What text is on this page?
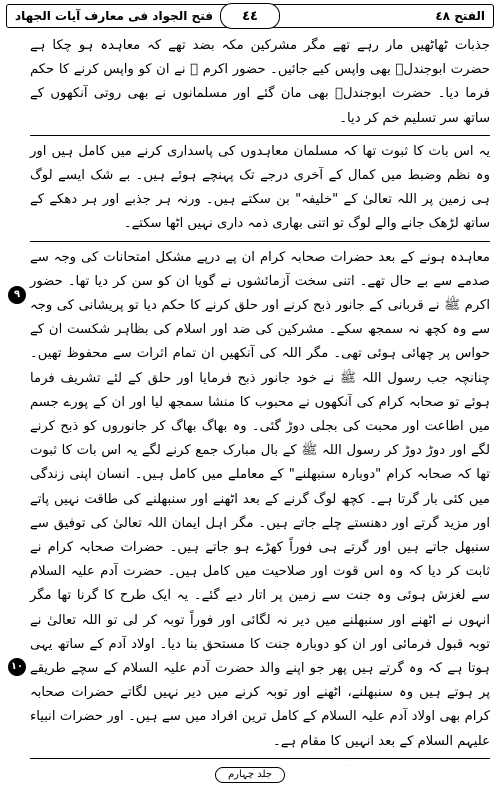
الفتح ٤٨
فتح الجواد فی معارف آیات الجهاد	٤٤
٩
١٠

جذبات ٹھاٹھیں مار رہے تھے مگر مشرکین مکہ بضد تھے کہ معاہدہ ہو چکا ہے حضرت ابوجندلؓ بھی واپس کیے جائیں۔ حضور اکرم ﷺ نے ان کو واپس کرنے کا حکم فرما دیا۔ حضرت ابوجندلؓ بھی مان گئے اور مسلمانوں نے بھی روتی آنکھوں کے ساتھ سر تسلیم خم کر دیا۔

یہ اس بات کا ثبوت تھا کہ مسلمان معاہدوں کی پاسداری کرنے میں کامل ہیں اور وہ نظم وضبط میں کمال کے آخری درجے تک پہنچے ہوئے ہیں۔ بے شک ایسے لوگ ہی زمین پر اللہ تعالیٰ کے "خلیفہ" بن سکتے ہیں۔ ورنہ ہر جذبے اور ہر دھکے کے ساتھ لڑھک جانے والے لوگ تو اتنی بھاری ذمہ داری نہیں اٹھا سکتے۔

معاہدہ ہونے کے بعد حضرات صحابہ کرام ان پے درپے مشکل امتحانات کی وجہ سے صدمے سے بے حال تھے۔ اتنی سخت آزمائشوں نے گویا ان کو سن کر دیا تھا۔ حضور اکرم ﷺ نے قربانی کے جانور ذبح کرنے اور حلق کرنے کا حکم دیا تو پریشانی کی وجہ سے وہ کچھ نہ سمجھ سکے۔ مشرکین کی ضد اور اسلام کی بظاہر شکست ان کے حواس پر چھائی ہوئی تھی۔ مگر اللہ کی آنکھیں ان تمام اثرات سے محفوظ تھیں۔ چنانچہ جب رسول اللہ ﷺ نے خود جانور ذبح فرمایا اور حلق کے لئے تشریف فرما ہوئے تو صحابہ کرام کی آنکھوں نے محبوب کا منشا سمجھ لیا اور ان کے پورے جسم میں اطاعت اور محبت کی بجلی دوڑ گئی۔ وہ بھاگ بھاگ کر جانوروں کو ذبح کرنے لگے اور دوڑ دوڑ کر رسول اللہ ﷺ کے بال مبارک جمع کرنے لگے یہ اس بات کا ثبوت تھا کہ صحابہ کرام "دوبارہ سنبھلنے" کے معاملے میں کامل ہیں۔ انسان اپنی زندگی میں کئی بار گرتا ہے۔ کچھ لوگ گرنے کے بعد اٹھنے اور سنبھلنے کی طاقت نہیں پاتے اور مزید گرتے اور دھنستے چلے جاتے ہیں۔ مگر اہل ایمان اللہ تعالیٰ کی توفیق سے سنبھل جاتے ہیں اور گرتے ہی فوراً کھڑے ہو جاتے ہیں۔ حضرات صحابہ کرام نے ثابت کر دیا کہ وہ اس قوت اور صلاحیت میں کامل ہیں۔ حضرت آدم علیہ السلام سے لغزش ہوئی وہ جنت سے زمین پر اتار دیے گئے۔ یہ ایک طرح کا گرنا تھا مگر انہوں نے اٹھنے اور سنبھلنے میں دیر نہ لگائی اور فوراً توبہ کر لی تو اللہ تعالیٰ نے توبہ قبول فرمائی اور ان کو دوبارہ جنت کا مستحق بنا دیا۔ اولاد آدم کے ساتھ یہی ہوتا ہے کہ وہ گرتے ہیں پھر جو اپنے والد حضرت آدم علیہ السلام کے سچے طریقے پر ہوتے ہیں وہ سنبھلنے، اٹھنے اور توبہ کرنے میں دیر نہیں لگاتے حضرات صحابہ کرام بھی اولاد آدم علیہ السلام کے کامل ترین افراد میں سے ہیں۔ اور حضرات انبیاء علیہم السلام کے بعد انہیں کا مقام ہے۔

جلد چہارم
